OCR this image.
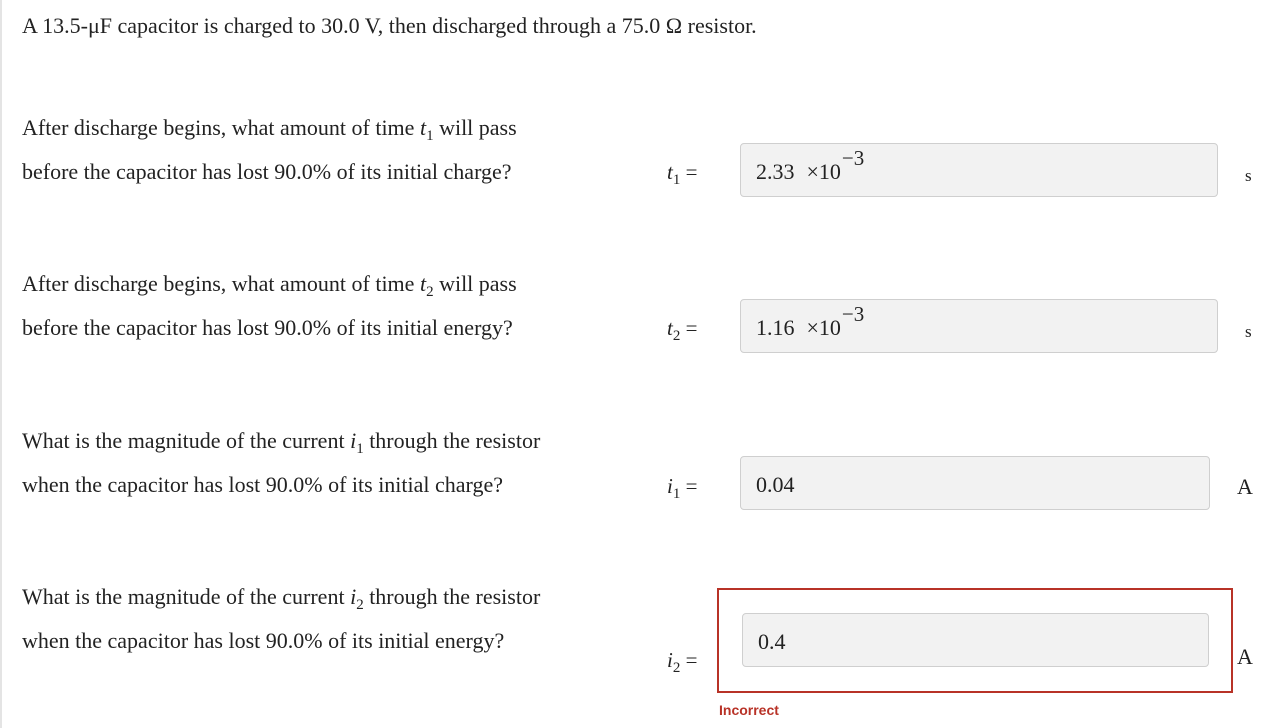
A 13.5-μF capacitor is charged to 30.0 V, then discharged through a 75.0 Ω resistor.
After discharge begins, what amount of time $t_1$ will pass
before the capacitor has lost 90.0% of its initial charge?	$t_1$ =	2.33 ×10−3
s
After discharge begins, what amount of time $t_2$ will pass
before the capacitor has lost 90.0% of its initial energy?	$t_2$ =	1.16 ×10−3
s
What is the magnitude of the current $i_1$ through the resistor
when the capacitor has lost 90.0% of its initial charge?	$i_1$ =	0.04	A
What is the magnitude of the current $i_2$ through the resistor
when the capacitor has lost 90.0% of its initial energy?
$i_2$ =
0.4
A
Incorrect
